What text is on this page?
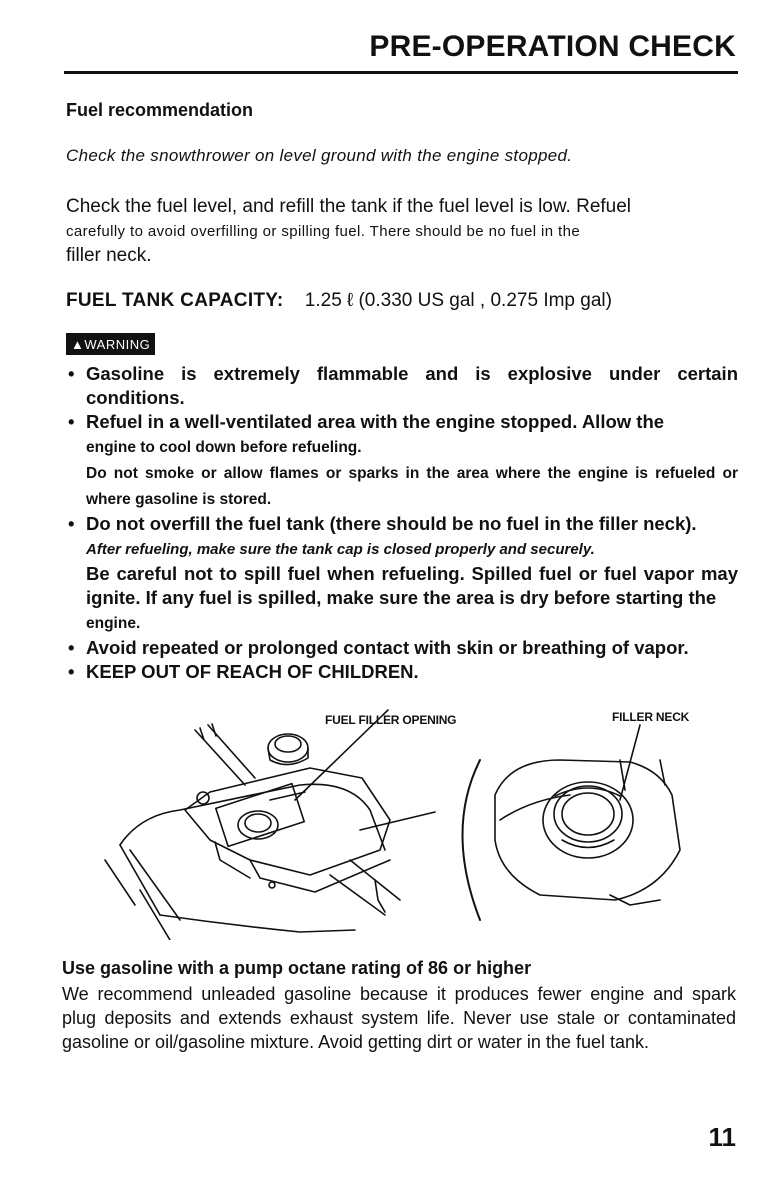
PRE-OPERATION CHECK
Fuel recommendation
Check the snowthrower on level ground with the engine stopped.
Check the fuel level, and refill the tank if the fuel level is low. Refuel
carefully to avoid overfilling or spilling fuel. There should be no fuel in the
filler neck.
FUEL TANK CAPACITY: 1.25 ℓ (0.330 US gal , 0.275 Imp gal)
▲WARNING
• Gasoline is extremely flammable and is explosive under certain conditions.
• Refuel in a well-ventilated area with the engine stopped. Allow the
engine to cool down before refueling.
Do not smoke or allow flames or sparks in the area where the engine is refueled or where gasoline is stored.
• Do not overfill the fuel tank (there should be no fuel in the filler neck).
After refueling, make sure the tank cap is closed properly and securely.
Be careful not to spill fuel when refueling. Spilled fuel or fuel vapor may ignite. If any fuel is spilled, make sure the area is dry before starting the
engine.
• Avoid repeated or prolonged contact with skin or breathing of vapor.
• KEEP OUT OF REACH OF CHILDREN.
FUEL FILLER OPENING	FILLER NECK
Use gasoline with a pump octane rating of 86 or higher
We recommend unleaded gasoline because it produces fewer engine and spark plug deposits and extends exhaust system life. Never use stale or contaminated gasoline or oil/gasoline mixture. Avoid getting dirt or water in the fuel tank.
11
